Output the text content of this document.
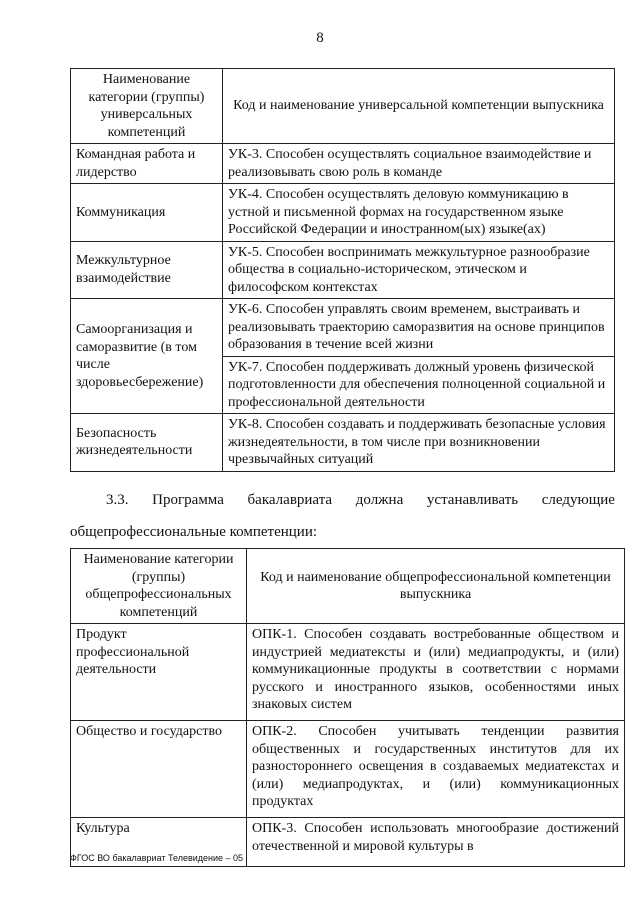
8
Наименование категории (группы) универсальных компетенций	Код и наименование универсальной компетенции выпускника
Командная работа и лидерство	УК-3. Способен осуществлять социальное взаимодействие и реализовывать свою роль в команде
Коммуникация	УК-4. Способен осуществлять деловую коммуникацию в устной и письменной формах на государственном языке Российской Федерации и иностранном(ых) языке(ах)
Межкультурное взаимодействие	УК-5. Способен воспринимать межкультурное разнообразие общества в социально-историческом, этическом и философском контекстах
Самоорганизация и саморазвитие (в том числе здоровьесбережение)	УК-6. Способен управлять своим временем, выстраивать и реализовывать траекторию саморазвития на основе принципов образования в течение всей жизни
	УК-7. Способен поддерживать должный уровень физической подготовленности для обеспечения полноценной социальной и профессиональной деятельности
Безопасность жизнедеятельности	УК-8. Способен создавать и поддерживать безопасные условия жизнедеятельности, в том числе при возникновении чрезвычайных ситуаций
3.3. Программа бакалавриата должна устанавливать следующие
общепрофессиональные компетенции:
Наименование категории (группы) общепрофессиональных компетенций	Код и наименование общепрофессиональной компетенции выпускника
Продукт профессиональной деятельности	ОПК-1. Способен создавать востребованные обществом и индустрией медиатексты и (или) медиапродукты, и (или) коммуникационные продукты в соответствии с нормами русского и иностранного языков, особенностями иных знаковых систем
Общество и государство	ОПК-2. Способен учитывать тенденции развития общественных и государственных институтов для их разностороннего освещения в создаваемых медиатекстах и (или) медиапродуктах, и (или) коммуникационных продуктах
Культура	ОПК-3. Способен использовать многообразие достижений отечественной и мировой культуры в
ФГОС ВО бакалавриат Телевидение – 05
